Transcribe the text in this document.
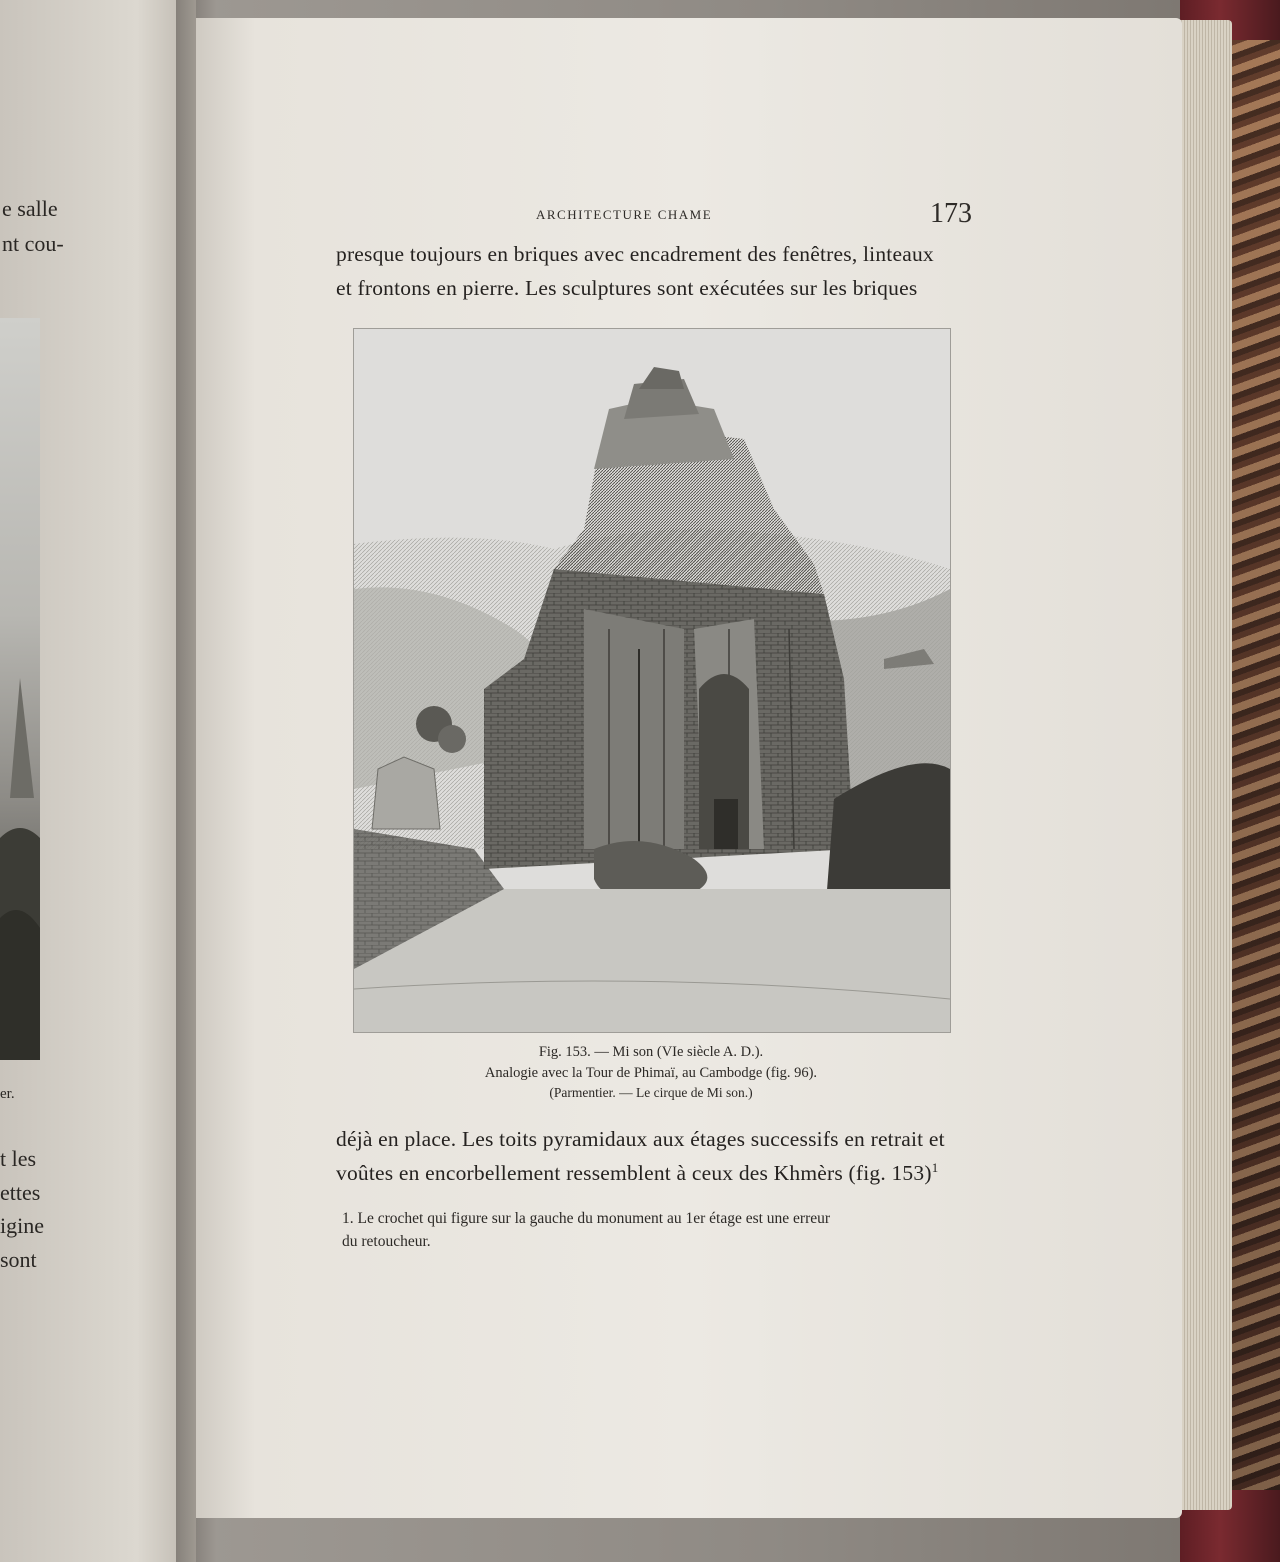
e salle
nt cou-
er.
t les
ettes
igine
sont
ARCHITECTURE CHAME	173
presque toujours en briques avec encadrement des fenêtres, linteaux
et frontons en pierre. Les sculptures sont exécutées sur les briques
Fig. 153. — Mi son (VIe siècle A. D.).
Analogie avec la Tour de Phimaï, au Cambodge (fig. 96).
(Parmentier. — Le cirque de Mi son.)
déjà en place. Les toits pyramidaux aux étages successifs en retrait et
voûtes en encorbellement ressemblent à ceux des Khmèrs (fig. 153)$^1$
1. Le crochet qui figure sur la gauche du monument au 1er étage est une erreur
du retoucheur.
